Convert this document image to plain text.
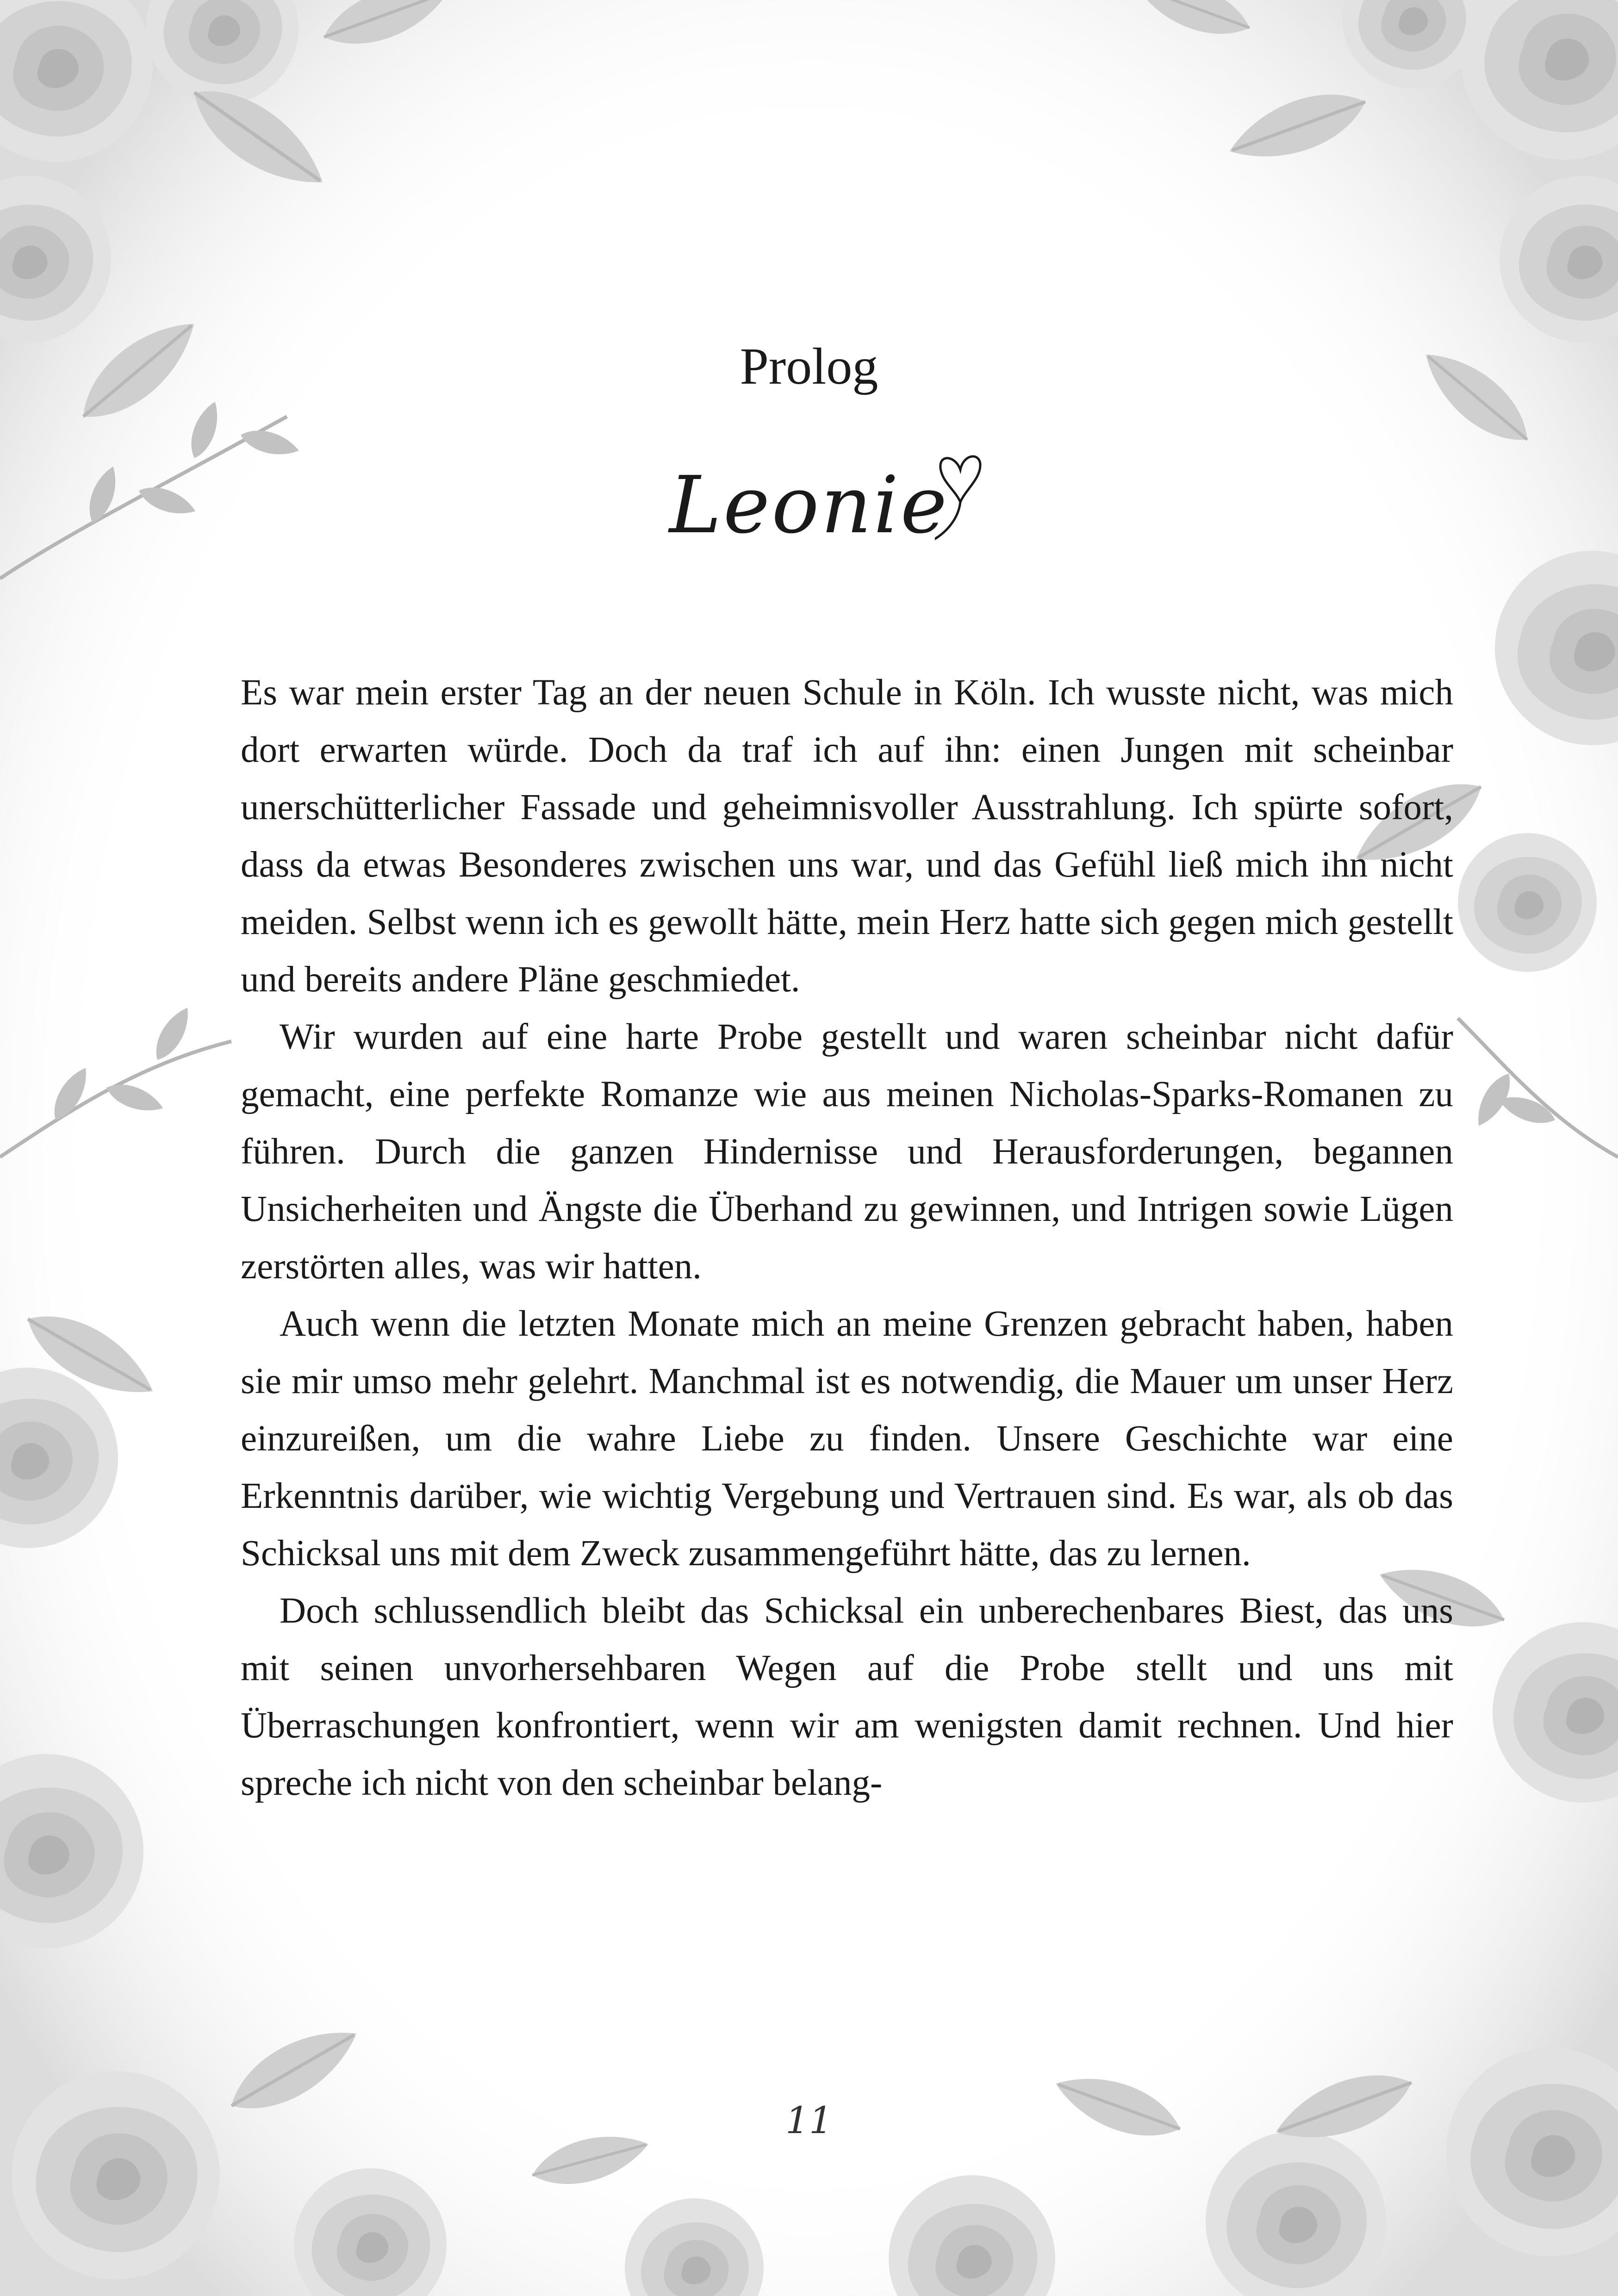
Prolog
Leonie

Es war mein erster Tag an der neuen Schule in Köln. Ich wusste nicht, was mich dort erwarten würde. Doch da traf ich auf ihn: einen Jungen mit scheinbar unerschütterlicher Fassade und geheimnisvoller Ausstrahlung. Ich spürte sofort, dass da etwas Besonderes zwischen uns war, und das Gefühl ließ mich ihn nicht meiden. Selbst wenn ich es gewollt hätte, mein Herz hatte sich gegen mich gestellt und bereits andere Pläne geschmiedet.

Wir wurden auf eine harte Probe gestellt und waren scheinbar nicht dafür gemacht, eine perfekte Romanze wie aus meinen Nicholas-Sparks-Romanen zu führen. Durch die ganzen Hindernisse und Herausforderungen, begannen Unsicherheiten und Ängste die Überhand zu gewinnen, und Intrigen sowie Lügen zerstörten alles, was wir hatten.

Auch wenn die letzten Monate mich an meine Grenzen gebracht haben, haben sie mir umso mehr gelehrt. Manchmal ist es notwendig, die Mauer um unser Herz einzureißen, um die wahre Liebe zu finden. Unsere Geschichte war eine Erkenntnis darüber, wie wichtig Vergebung und Vertrauen sind. Es war, als ob das Schicksal uns mit dem Zweck zusammengeführt hätte, das zu lernen.

Doch schlussendlich bleibt das Schicksal ein unberechenbares Biest, das uns mit seinen unvorhersehbaren Wegen auf die Probe stellt und uns mit Überraschungen konfrontiert, wenn wir am wenigsten damit rechnen. Und hier spreche ich nicht von den scheinbar belang-

11
